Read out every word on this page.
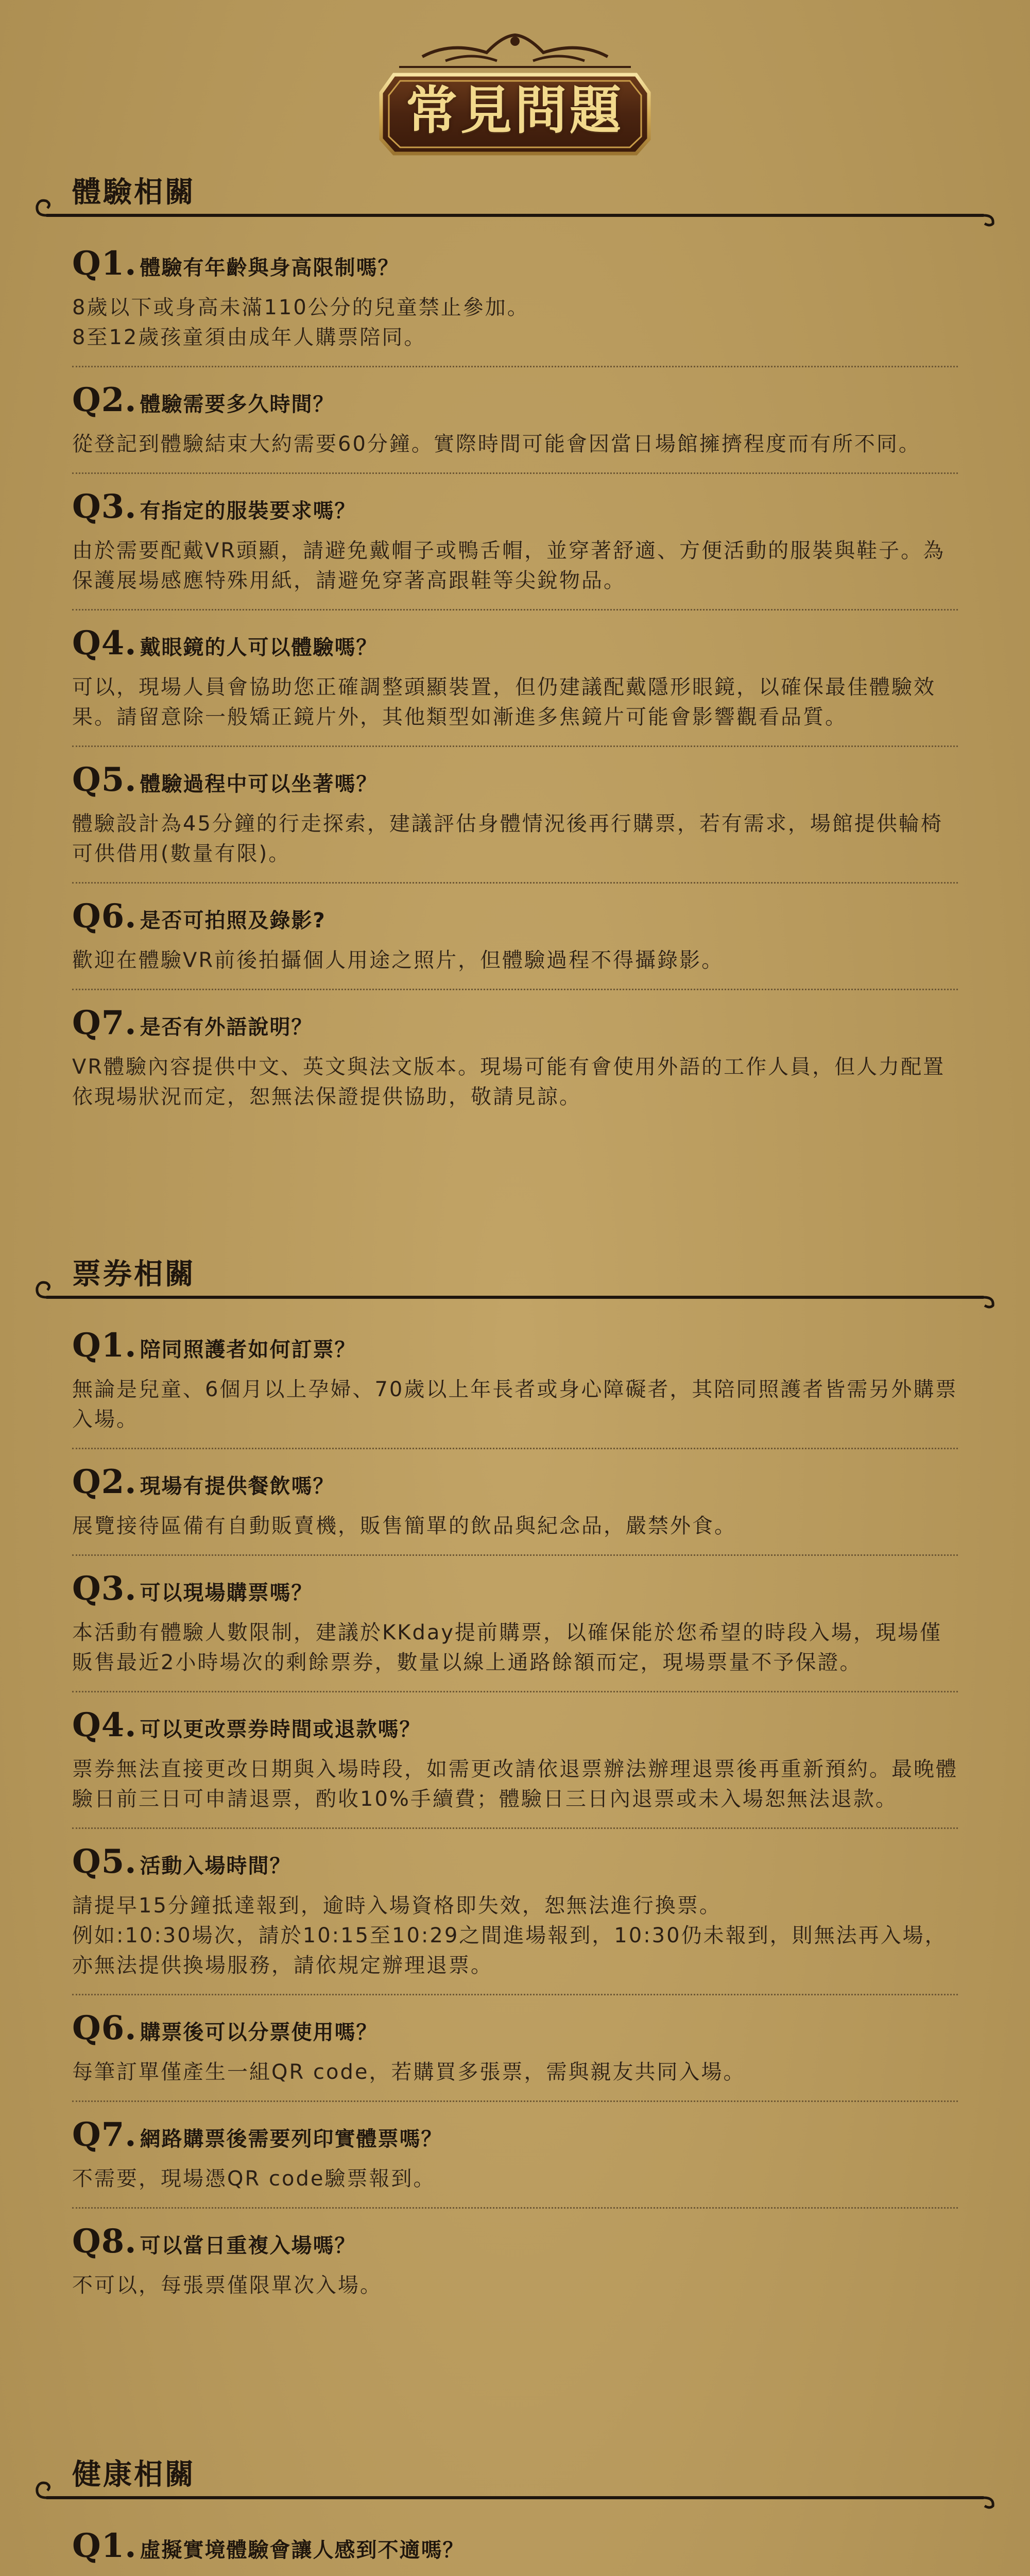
常見問題
體驗相關
Q1. 體驗有年齡與身高限制嗎？

8歲以下或身高未滿110公分的兒童禁止參加。

8至12歲孩童須由成年人購票陪同。

Q2. 體驗需要多久時間？

從登記到體驗結束大約需要60分鐘。實際時間可能會因當日場館擁擠程度而有所不同。

Q3. 有指定的服裝要求嗎？

由於需要配戴VR頭顯，請避免戴帽子或鴨舌帽，並穿著舒適、方便活動的服裝與鞋子。為保護展場感應特殊用紙，請避免穿著高跟鞋等尖銳物品。

Q4. 戴眼鏡的人可以體驗嗎？

可以，現場人員會協助您正確調整頭顯裝置，但仍建議配戴隱形眼鏡，以確保最佳體驗效果。請留意除一般矯正鏡片外，其他類型如漸進多焦鏡片可能會影響觀看品質。

Q5. 體驗過程中可以坐著嗎？

體驗設計為45分鐘的行走探索，建議評估身體情況後再行購票，若有需求，場館提供輪椅可供借用(數量有限)。

Q6. 是否可拍照及錄影?

歡迎在體驗VR前後拍攝個人用途之照片，但體驗過程不得攝錄影。

Q7. 是否有外語說明？

VR體驗內容提供中文、英文與法文版本。現場可能有會使用外語的工作人員，但人力配置依現場狀況而定，恕無法保證提供協助，敬請見諒。

票券相關
Q1. 陪同照護者如何訂票？

無論是兒童、6個月以上孕婦、70歲以上年長者或身心障礙者，其陪同照護者皆需另外購票入場。

Q2. 現場有提供餐飲嗎？

展覽接待區備有自動販賣機，販售簡單的飲品與紀念品，嚴禁外食。

Q3. 可以現場購票嗎？

本活動有體驗人數限制，建議於KKday提前購票，以確保能於您希望的時段入場，現場僅販售最近2小時場次的剩餘票券，數量以線上通路餘額而定，現場票量不予保證。

Q4. 可以更改票券時間或退款嗎？

票券無法直接更改日期與入場時段，如需更改請依退票辦法辦理退票後再重新預約。最晚體驗日前三日可申請退票，酌收10%手續費；體驗日三日內退票或未入場恕無法退款。

Q5. 活動入場時間？

請提早15分鐘抵達報到，逾時入場資格即失效，恕無法進行換票。

例如:10:30場次，請於10:15至10:29之間進場報到，10:30仍未報到，則無法再入場，亦無法提供換場服務，請依規定辦理退票。

Q6. 購票後可以分票使用嗎？

每筆訂單僅產生一組QR code，若購買多張票，需與親友共同入場。

Q7. 網路購票後需要列印實體票嗎？

不需要，現場憑QR code驗票報到。

Q8. 可以當日重複入場嗎？

不可以，每張票僅限單次入場。

健康相關
Q1. 虛擬實境體驗會讓人感到不適嗎？
